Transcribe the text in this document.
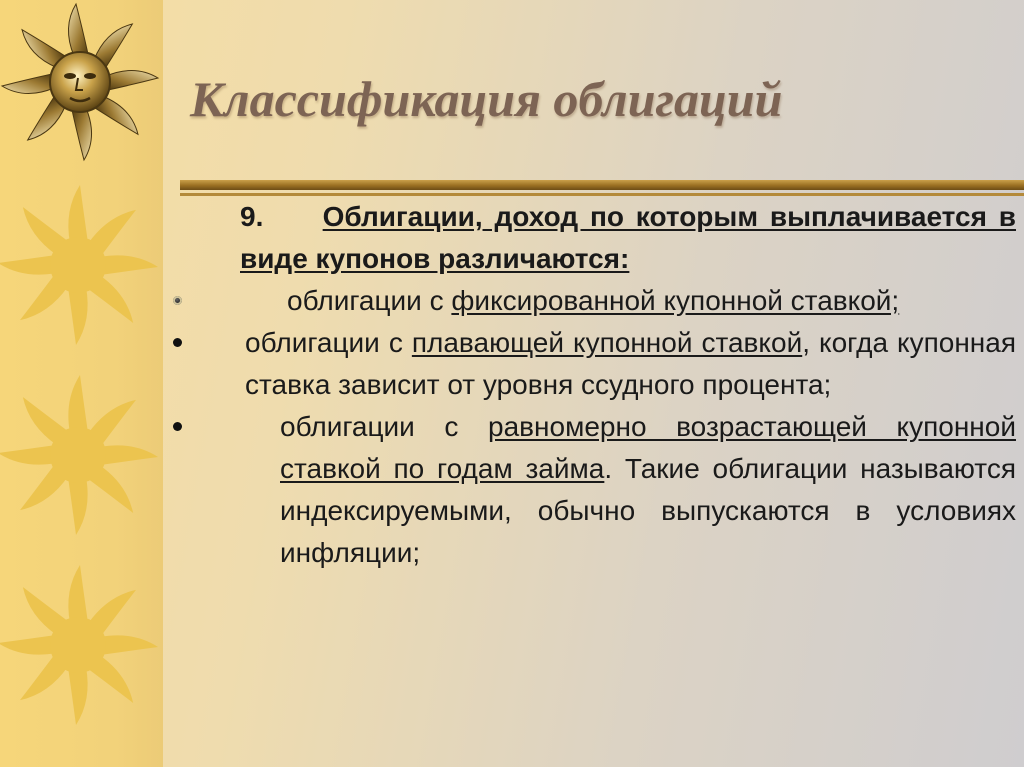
Классификация облигаций

9. Облигации, доход по которым выплачивается в виде купонов различаются:

облигации с фиксированной купонной ставкой;

облигации с плавающей купонной ставкой, когда купонная ставка зависит от уровня ссудного процента;

облигации с равномерно возрастающей купонной ставкой по годам займа. Такие облигации называются индексируемыми, обычно выпускаются в условиях инфляции;
